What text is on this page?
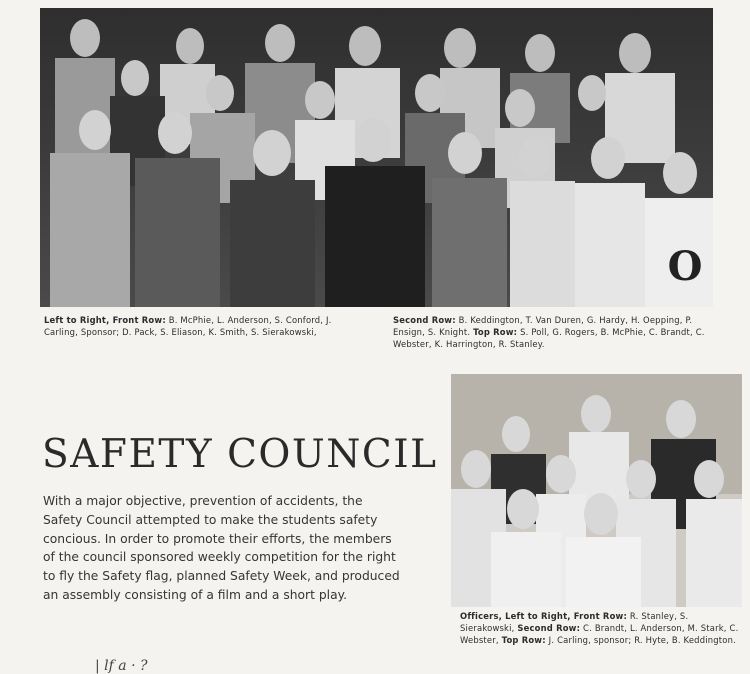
O
Left to Right, Front Row: B. McPhie, L. Anderson, S. Conford, J. Carling, Sponsor; D. Pack, S. Eliason, K. Smith, S. Sierakowski,
Second Row: B. Keddington, T. Van Duren, G. Hardy, H. Oepping, P. Ensign, S. Knight. Top Row: S. Poll, G. Rogers, B. McPhie, C. Brandt, C. Webster, K. Harrington, R. Stanley.
SAFETY COUNCIL

With a major objective, prevention of accidents, the Safety Council attempted to make the students safety concious. In order to promote their efforts, the members of the council sponsored weekly competition for the right to fly the Safety flag, planned Safety Week, and produced an assembly consisting of a film and a short play.

Officers, Left to Right, Front Row: R. Stanley, S. Sierakowski, Second Row: C. Brandt, L. Anderson, M. Stark, C. Webster, Top Row: J. Carling, sponsor; R. Hyte, B. Keddington.
| lf a · ?
